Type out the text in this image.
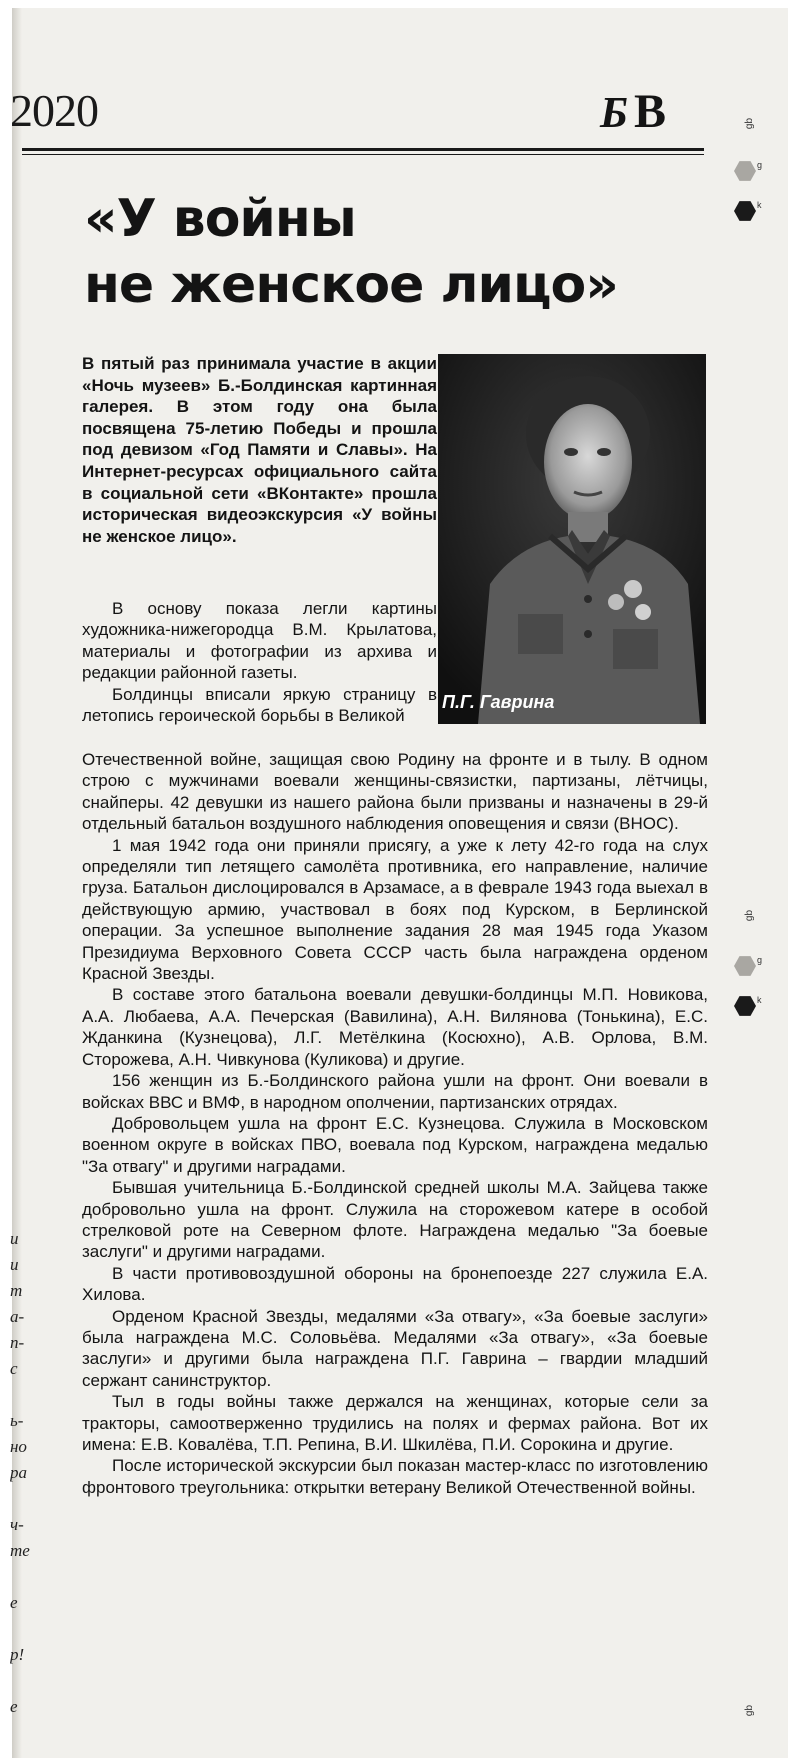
2020	Б В	gb
g
k
gb
g
k
gb
«У войны
не женское лицо»
В пятый раз принимала участие в акции «Ночь музеев» Б.-Болдинская картинная галерея. В этом году она была посвящена 75-летию Победы и прошла под девизом «Год Памяти и Славы». На Интернет-ресурсах официального сайта в социальной сети «ВКонтакте» прошла историческая видеоэкскурсия «У войны не женское лицо».
П.Г. Гаврина

В основу показа легли картины художника-нижегородца В.М. Крылатова, материалы и фотографии из архива и редакции районной газеты.

Болдинцы вписали яркую страницу в летопись героической борьбы в Великой

Отечественной войне, защищая свою Родину на фронте и в тылу. В одном строю с мужчинами воевали женщины-связистки, партизаны, лётчицы, снайперы. 42 девушки из нашего района были призваны и назначены в 29-й отдельный батальон воздушного наблюдения оповещения и связи (ВНОС).

1 мая 1942 года они приняли присягу, а уже к лету 42-го года на слух определяли тип летящего самолёта противника, его направление, наличие груза. Батальон дислоцировался в Арзамасе, а в феврале 1943 года выехал в действующую армию, участвовал в боях под Курском, в Берлинской операции. За успешное выполнение задания 28 мая 1945 года Указом Президиума Верховного Совета СССР часть была награждена орденом Красной Звезды.

В составе этого батальона воевали девушки-болдинцы М.П. Новикова, А.А. Любаева, А.А. Печерская (Вавилина), А.Н. Вилянова (Тонькина), Е.С. Жданкина (Кузнецова), Л.Г. Метёлкина (Косюхно), А.В. Орлова, В.М. Сторожева, А.Н. Чивкунова (Куликова) и другие.

156 женщин из Б.-Болдинского района ушли на фронт. Они воевали в войсках ВВС и ВМФ, в народном ополчении, партизанских отрядах.

Добровольцем ушла на фронт Е.С. Кузнецова. Служила в Московском военном округе в войсках ПВО, воевала под Курском, награждена медалью "За отвагу" и другими наградами.

Бывшая учительница Б.-Болдинской средней школы М.А. Зайцева также добровольно ушла на фронт. Служила на сторожевом катере в особой стрелковой роте на Северном флоте. Награждена медалью "За боевые заслуги" и другими наградами.

В части противовоздушной обороны на бронепоезде 227 служила Е.А. Хилова.

Орденом Красной Звезды, медалями «За отвагу», «За боевые заслуги» была награждена М.С. Соловьёва. Медалями «За отвагу», «За боевые заслуги» и другими была награждена П.Г. Гаврина – гвардии младший сержант санинструктор.

Тыл в годы войны также держался на женщинах, которые сели за тракторы, самоотверженно трудились на полях и фермах района. Вот их имена: Е.В. Ковалёва, Т.П. Репина, В.И. Шкилёва, П.И. Сорокина и другие.

После исторической экскурсии был показан мастер-класс по изготовлению фронтового треугольника: открытки ветерану Великой Отечественной войны.

и
и
т
а-
п-
с
ь-
но
ра
ч-
те
е
р!
е
